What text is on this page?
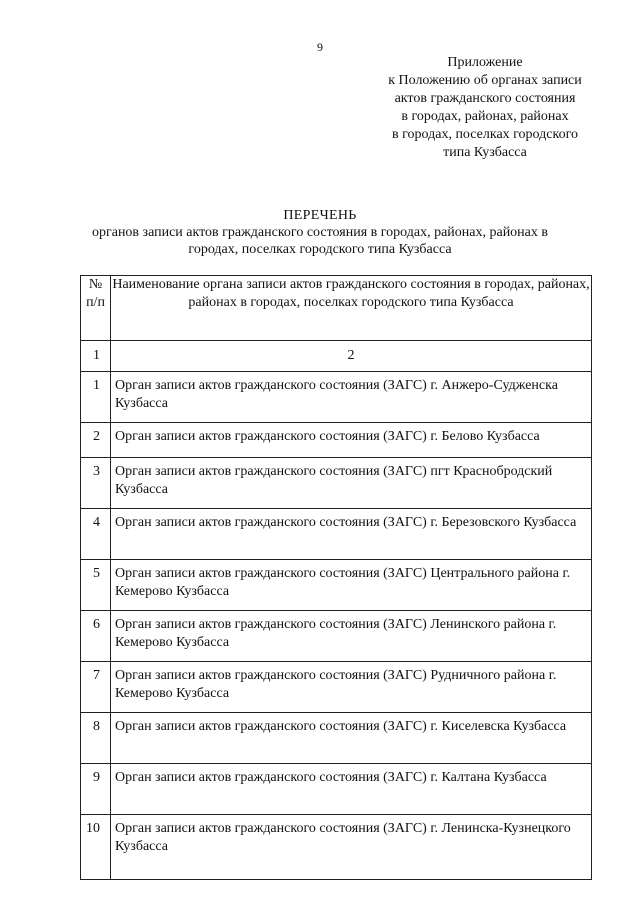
9
Приложение
к Положению об органах записи
актов гражданского состояния
в городах, районах, районах
в городах, поселках городского
типа Кузбасса
ПЕРЕЧЕНЬ
органов записи актов гражданского состояния в городах, районах, районах в
городах, поселках городского типа Кузбасса
№
п/п	Наименование органа записи актов гражданского состояния в городах, районах, районах в городах, поселках городского типа Кузбасса
1	2
1	Орган записи актов гражданского состояния (ЗАГС) г. Анжеро-Судженска Кузбасса
2	Орган записи актов гражданского состояния (ЗАГС) г. Белово Кузбасса
3	Орган записи актов гражданского состояния (ЗАГС) пгт Краснобродский Кузбасса
4	Орган записи актов гражданского состояния (ЗАГС) г. Березовского Кузбасса
5	Орган записи актов гражданского состояния (ЗАГС) Центрального района г. Кемерово Кузбасса
6	Орган записи актов гражданского состояния (ЗАГС) Ленинского района г. Кемерово Кузбасса
7	Орган записи актов гражданского состояния (ЗАГС) Рудничного района г. Кемерово Кузбасса
8	Орган записи актов гражданского состояния (ЗАГС) г. Киселевска Кузбасса
9	Орган записи актов гражданского состояния (ЗАГС) г. Калтана Кузбасса
10	Орган записи актов гражданского состояния (ЗАГС) г. Ленинска-Кузнецкого Кузбасса
